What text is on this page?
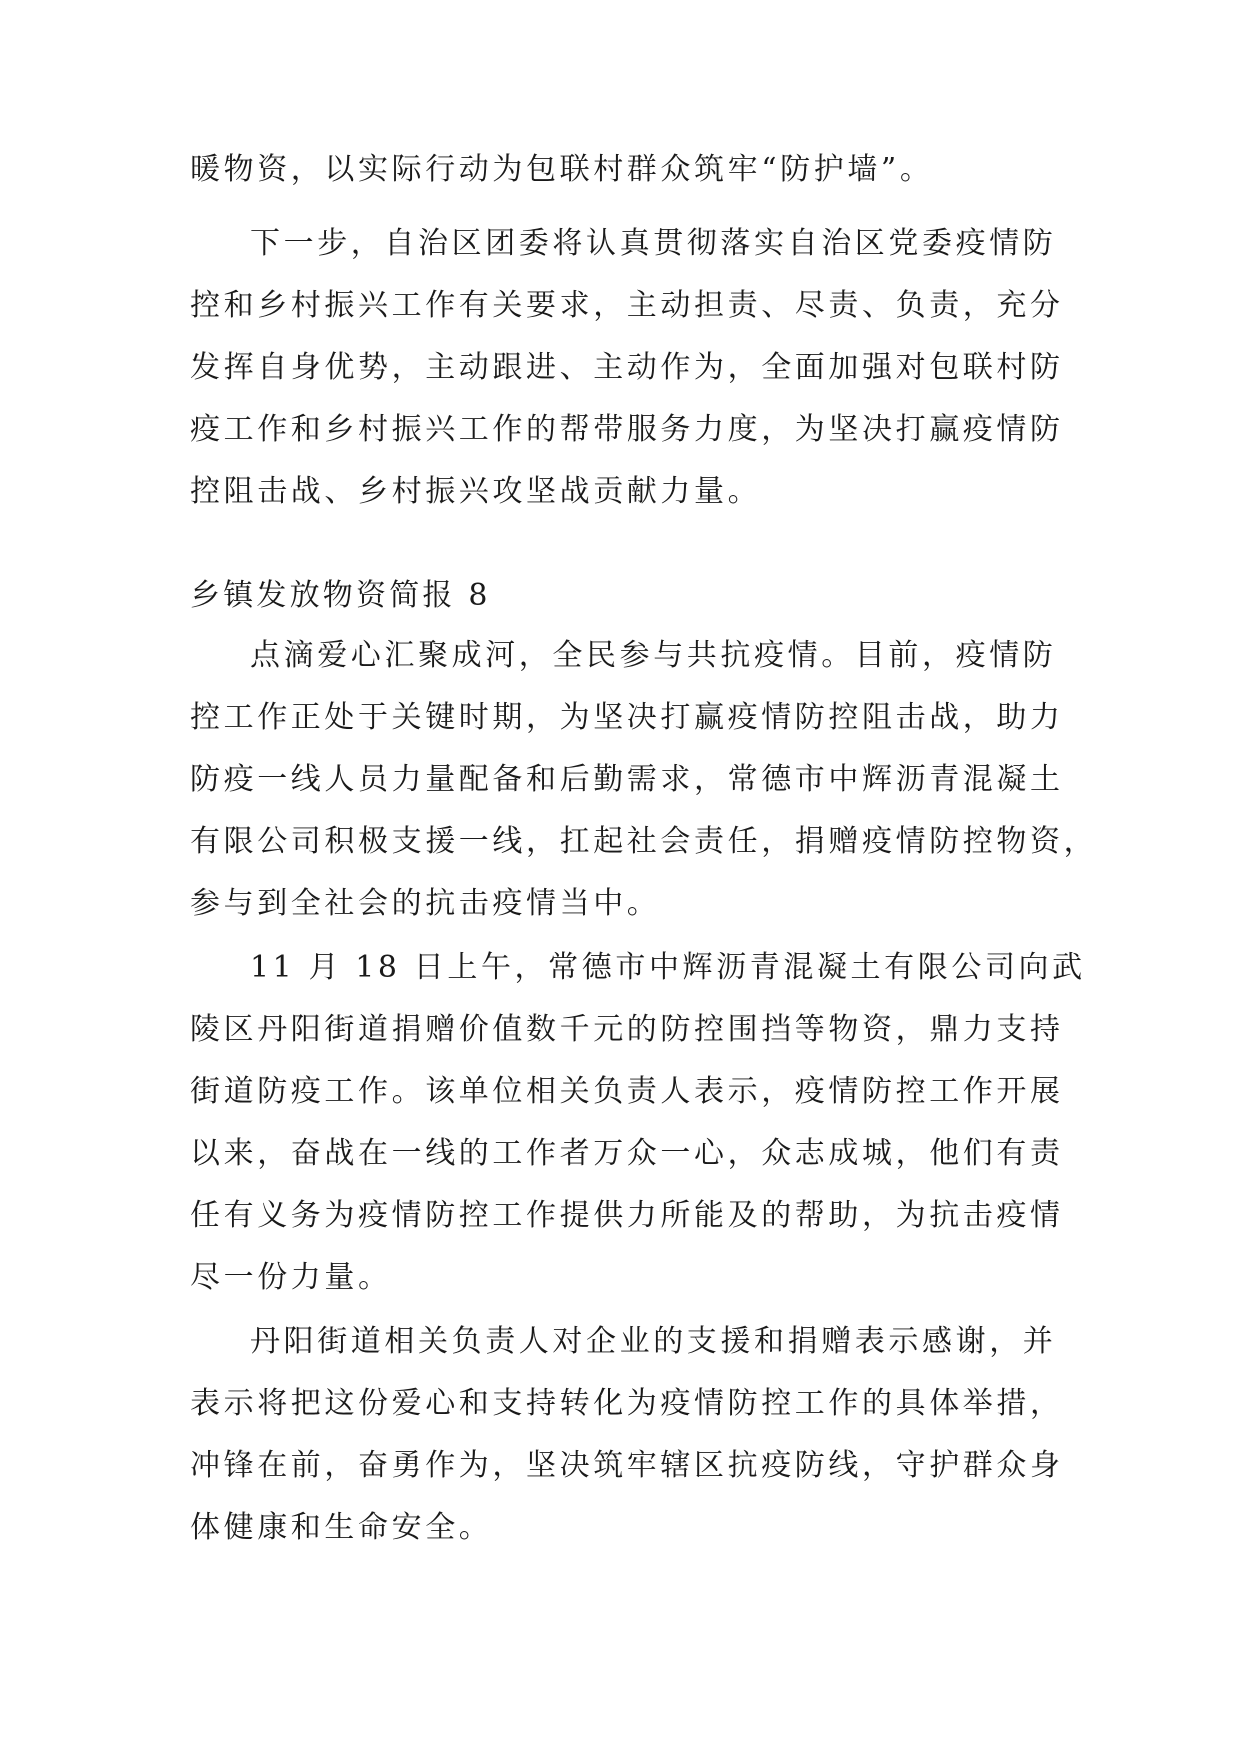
暖物资，以实际行动为包联村群众筑牢“防护墙”。

下一步，自治区团委将认真贯彻落实自治区党委疫情防

控和乡村振兴工作有关要求，主动担责、尽责、负责，充分

发挥自身优势，主动跟进、主动作为，全面加强对包联村防

疫工作和乡村振兴工作的帮带服务力度，为坚决打赢疫情防

控阻击战、乡村振兴攻坚战贡献力量。

乡镇发放物资简报 8

点滴爱心汇聚成河，全民参与共抗疫情。目前，疫情防

控工作正处于关键时期，为坚决打赢疫情防控阻击战，助力

防疫一线人员力量配备和后勤需求，常德市中辉沥青混凝土

有限公司积极支援一线，扛起社会责任，捐赠疫情防控物资，

参与到全社会的抗击疫情当中。

11 月 18 日上午，常德市中辉沥青混凝土有限公司向武

陵区丹阳街道捐赠价值数千元的防控围挡等物资，鼎力支持

街道防疫工作。该单位相关负责人表示，疫情防控工作开展

以来，奋战在一线的工作者万众一心，众志成城，他们有责

任有义务为疫情防控工作提供力所能及的帮助，为抗击疫情

尽一份力量。

丹阳街道相关负责人对企业的支援和捐赠表示感谢，并

表示将把这份爱心和支持转化为疫情防控工作的具体举措，

冲锋在前，奋勇作为，坚决筑牢辖区抗疫防线，守护群众身

体健康和生命安全。
